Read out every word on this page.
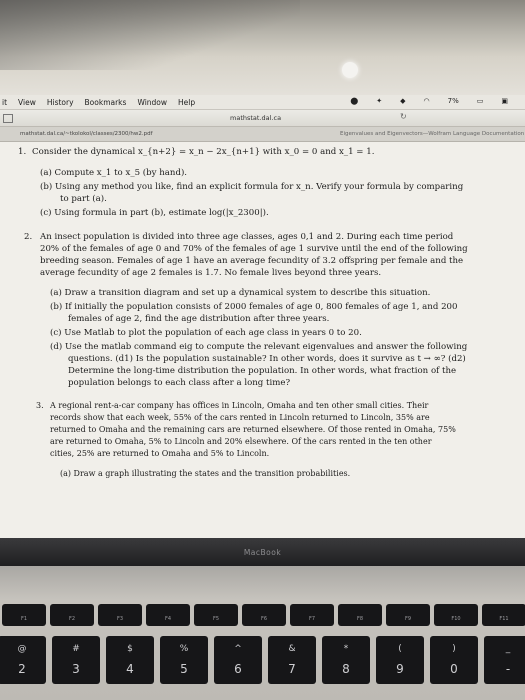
it View History Bookmarks Window Help	⬤	✦	◆	◠	7%	▭	▣
mathstat.dal.ca	↻
mathstat.dal.ca/~tkolokol/classes/2300/hw2.pdf	Eigenvalues and Eigenvectors—Wolfram Language Documentation
1. Consider the dynamical x_{n+2} = x_n − 2x_{n+1} with x_0 = 0 and x_1 = 1.
(a) Compute x_1 to x_5 (by hand).
(b) Using any method you like, find an explicit formula for x_n. Verify your formula by comparing
to part (a).
(c) Using formula in part (b), estimate log(|x_2300|).
2. An insect population is divided into three age classes, ages 0,1 and 2. During each time period
20% of the females of age 0 and 70% of the females of age 1 survive until the end of the following
breeding season. Females of age 1 have an average fecundity of 3.2 offspring per female and the
average fecundity of age 2 females is 1.7. No female lives beyond three years.
(a) Draw a transition diagram and set up a dynamical system to describe this situation.
(b) If initially the population consists of 2000 females of age 0, 800 females of age 1, and 200
females of age 2, find the age distribution after three years.
(c) Use Matlab to plot the population of each age class in years 0 to 20.
(d) Use the matlab command eig to compute the relevant eigenvalues and answer the following
questions. (d1) Is the population sustainable? In other words, does it survive as t → ∞? (d2)
Determine the long-time distribution the population. In other words, what fraction of the
population belongs to each class after a long time?
3. A regional rent-a-car company has offices in Lincoln, Omaha and ten other small cities. Their
records show that each week, 55% of the cars rented in Lincoln returned to Lincoln, 35% are
returned to Omaha and the remaining cars are returned elsewhere. Of those rented in Omaha, 75%
are returned to Omaha, 5% to Lincoln and 20% elsewhere. Of the cars rented in the ten other
cities, 25% are returned to Omaha and 5% to Lincoln.
(a) Draw a graph illustrating the states and the transition probabilities.
MacBook
F1	F2	F3	F4	F5	F6	F7	F8	F9	F10	F11
@
2
#
3
$
4
%
5
^
6
&
7
*
8
(
9
)
0
_
-
